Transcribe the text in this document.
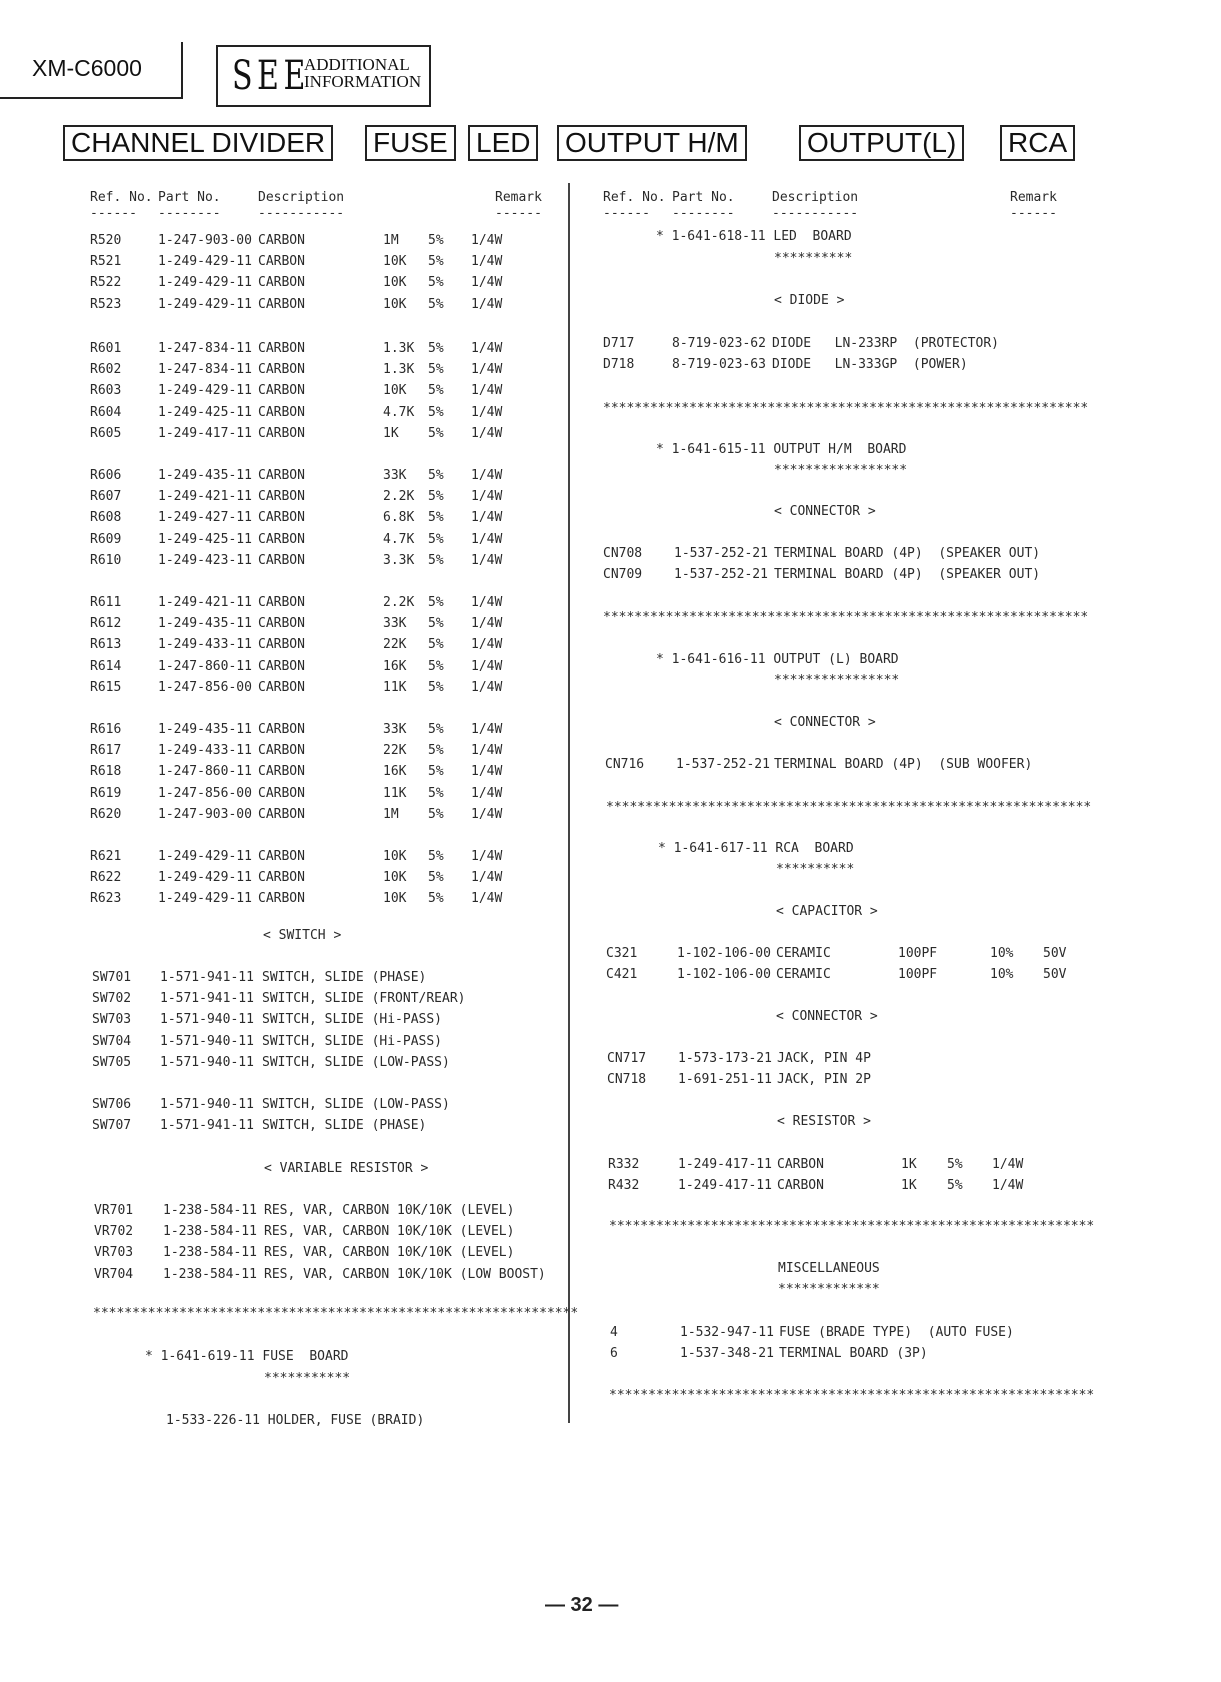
XM-C6000 SEE
ADDITIONAL
INFORMATION
CHANNEL DIVIDER FUSE LED OUTPUT H/M OUTPUT(L) RCA
Ref. No. Part No.	Description	Remark
------ --------	-----------	------
Ref. No. Part No.	Description	Remark
------ --------	-----------	------
R520	1-247-903-00 CARBON	1M 5% 1/4W
R521	1-249-429-11 CARBON	10K 5% 1/4W
R522	1-249-429-11 CARBON	10K 5% 1/4W
R523	1-249-429-11 CARBON	10K 5% 1/4W
R601	1-247-834-11 CARBON	1.3K 5% 1/4W
R602	1-247-834-11 CARBON	1.3K 5% 1/4W
R603	1-249-429-11 CARBON	10K 5% 1/4W
R604	1-249-425-11 CARBON	4.7K 5% 1/4W
R605	1-249-417-11 CARBON	1K 5% 1/4W
R606	1-249-435-11 CARBON	33K 5% 1/4W
R607	1-249-421-11 CARBON	2.2K 5% 1/4W
R608	1-249-427-11 CARBON	6.8K 5% 1/4W
R609	1-249-425-11 CARBON	4.7K 5% 1/4W
R610	1-249-423-11 CARBON	3.3K 5% 1/4W
R611	1-249-421-11 CARBON	2.2K 5% 1/4W
R612	1-249-435-11 CARBON	33K 5% 1/4W
R613	1-249-433-11 CARBON	22K 5% 1/4W
R614	1-247-860-11 CARBON	16K 5% 1/4W
R615	1-247-856-00 CARBON	11K 5% 1/4W
R616	1-249-435-11 CARBON	33K 5% 1/4W
R617	1-249-433-11 CARBON	22K 5% 1/4W
R618	1-247-860-11 CARBON	16K 5% 1/4W
R619	1-247-856-00 CARBON	11K 5% 1/4W
R620	1-247-903-00 CARBON	1M 5% 1/4W
R621	1-249-429-11 CARBON	10K 5% 1/4W
R622	1-249-429-11 CARBON	10K 5% 1/4W
R623	1-249-429-11 CARBON	10K 5% 1/4W
< SWITCH >
SW701 1-571-941-11 SWITCH, SLIDE (PHASE)
SW702 1-571-941-11 SWITCH, SLIDE (FRONT/REAR)
SW703 1-571-940-11 SWITCH, SLIDE (Hi-PASS)
SW704 1-571-940-11 SWITCH, SLIDE (Hi-PASS)
SW705 1-571-940-11 SWITCH, SLIDE (LOW-PASS)
SW706 1-571-940-11 SWITCH, SLIDE (LOW-PASS)
SW707 1-571-941-11 SWITCH, SLIDE (PHASE)
< VARIABLE RESISTOR >
VR701 1-238-584-11 RES, VAR, CARBON 10K/10K (LEVEL)
VR702 1-238-584-11 RES, VAR, CARBON 10K/10K (LEVEL)
VR703 1-238-584-11 RES, VAR, CARBON 10K/10K (LEVEL)
VR704 1-238-584-11 RES, VAR, CARBON 10K/10K (LOW BOOST)
**************************************************************
* 1-641-619-11 FUSE  BOARD
***********
1-533-226-11 HOLDER, FUSE (BRAID)
* 1-641-618-11 LED  BOARD
**********
< DIODE >
D717	8-719-023-62 DIODE   LN-233RP  (PROTECTOR)
D718	8-719-023-63 DIODE   LN-333GP  (POWER)
**************************************************************
* 1-641-615-11 OUTPUT H/M  BOARD
*****************
< CONNECTOR >
CN708 1-537-252-21 TERMINAL BOARD (4P)  (SPEAKER OUT)
CN709 1-537-252-21 TERMINAL BOARD (4P)  (SPEAKER OUT)
**************************************************************
* 1-641-616-11 OUTPUT (L) BOARD
****************
< CONNECTOR >
CN716 1-537-252-21 TERMINAL BOARD (4P)  (SUB WOOFER)
**************************************************************
* 1-641-617-11 RCA  BOARD
**********
< CAPACITOR >
C321	1-102-106-00 CERAMIC	100PF	10% 50V
C421	1-102-106-00 CERAMIC	100PF	10% 50V
< CONNECTOR >
CN717 1-573-173-21 JACK, PIN 4P
CN718 1-691-251-11 JACK, PIN 2P
< RESISTOR >
R332	1-249-417-11 CARBON	1K 5% 1/4W
R432	1-249-417-11 CARBON	1K 5% 1/4W
**************************************************************
MISCELLANEOUS
*************
4	1-532-947-11 FUSE (BRADE TYPE)  (AUTO FUSE)
6	1-537-348-21 TERMINAL BOARD (3P)
**************************************************************
— 32 —
